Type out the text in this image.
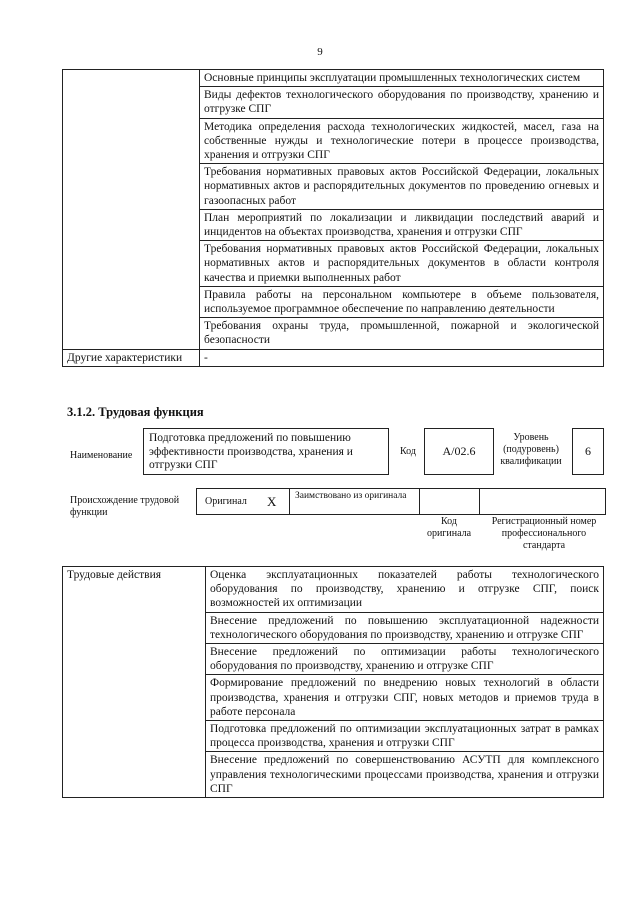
9
	Основные принципы эксплуатации промышленных технологических систем
	Виды дефектов технологического оборудования по производству, хранению и отгрузке СПГ
	Методика определения расхода технологических жидкостей, масел, газа на собственные нужды и технологические потери в процессе производства, хранения и отгрузки СПГ
	Требования нормативных правовых актов Российской Федерации, локальных нормативных актов и распорядительных документов по проведению огневых и газоопасных работ
	План мероприятий по локализации и ликвидации последствий аварий и инцидентов на объектах производства, хранения и отгрузки СПГ
	Требования нормативных правовых актов Российской Федерации, локальных нормативных актов и распорядительных документов в области контроля качества и приемки выполненных работ
	Правила работы на персональном компьютере в объеме пользователя, используемое программное обеспечение по направлению деятельности
	Требования охраны труда, промышленной, пожарной и экологической безопасности
Другие характеристики	-
3.1.2. Трудовая функция
Наименование
Подготовка предложений по повышению эффективности производства, хранения и отгрузки СПГ
Код	A/02.6
Уровень (подуровень) квалификации
6
Происхождение трудовой функции
Оригинал X Заимствовано из оригинала
Код оригинала
Регистрационный номер профессионального стандарта
Трудовые действия	Оценка эксплуатационных показателей работы технологического оборудования по производству, хранению и отгрузке СПГ, поиск возможностей их оптимизации
Внесение предложений по повышению эксплуатационной надежности технологического оборудования по производству, хранению и отгрузке СПГ
Внесение предложений по оптимизации работы технологического оборудования по производству, хранению и отгрузке СПГ
Формирование предложений по внедрению новых технологий в области производства, хранения и отгрузки СПГ, новых методов и приемов труда в работе персонала
Подготовка предложений по оптимизации эксплуатационных затрат в рамках процесса производства, хранения и отгрузки СПГ
Внесение предложений по совершенствованию АСУТП для комплексного управления технологическими процессами производства, хранения и отгрузки СПГ
